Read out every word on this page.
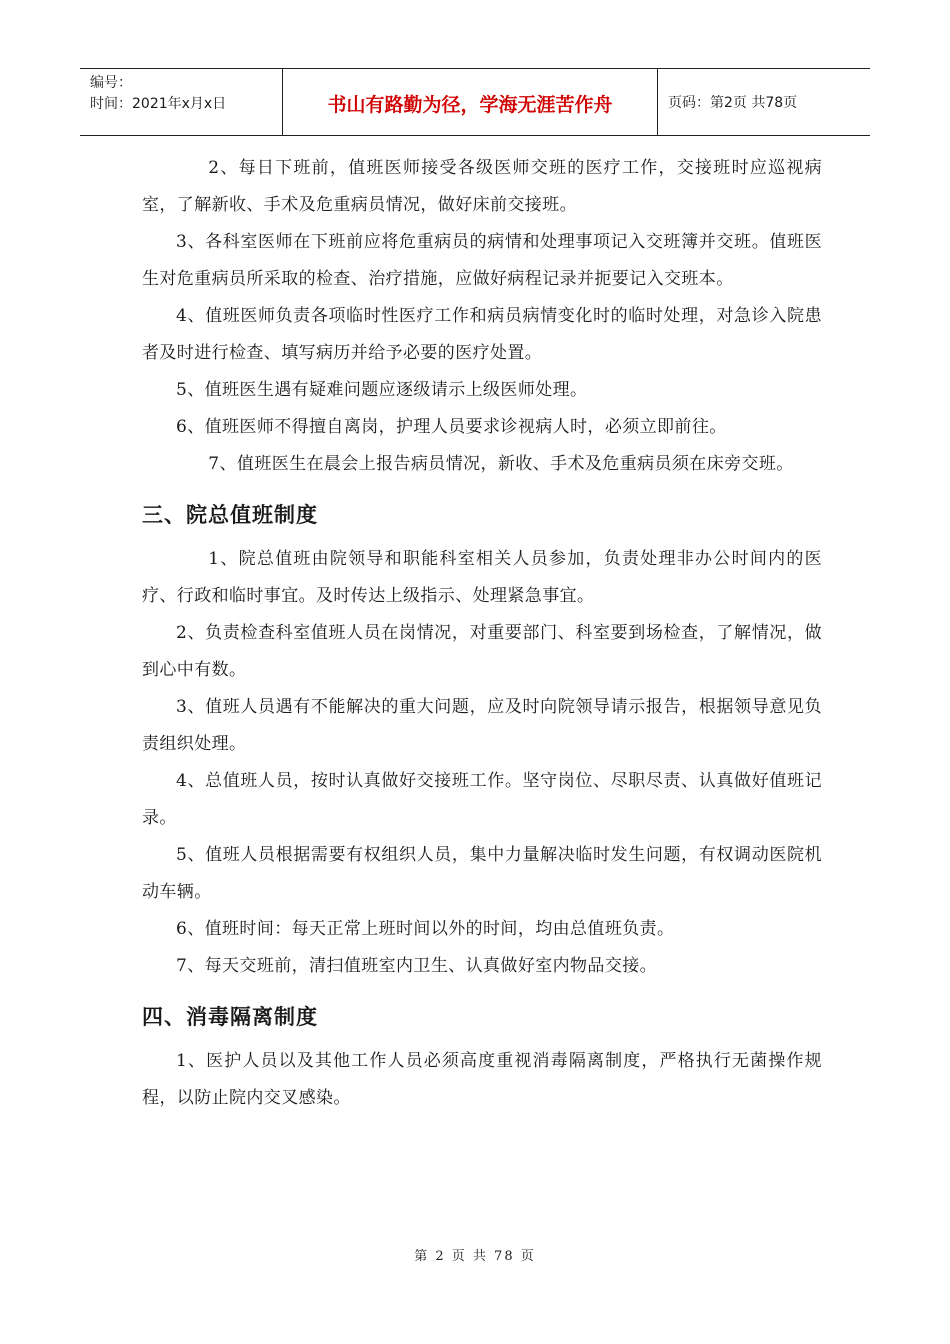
编号：
时间：2021年x月x日	书山有路勤为径，学海无涯苦作舟	页码：第2页 共78页

2、每日下班前，值班医师接受各级医师交班的医疗工作，交接班时应巡视病室，了解新收、手术及危重病员情况，做好床前交接班。

3、各科室医师在下班前应将危重病员的病情和处理事项记入交班簿并交班。值班医生对危重病员所采取的检查、治疗措施，应做好病程记录并扼要记入交班本。

4、值班医师负责各项临时性医疗工作和病员病情变化时的临时处理，对急诊入院患者及时进行检查、填写病历并给予必要的医疗处置。

5、值班医生遇有疑难问题应逐级请示上级医师处理。

6、值班医师不得擅自离岗，护理人员要求诊视病人时，必须立即前往。

7、值班医生在晨会上报告病员情况，新收、手术及危重病员须在床旁交班。

三、院总值班制度

1、院总值班由院领导和职能科室相关人员参加，负责处理非办公时间内的医疗、行政和临时事宜。及时传达上级指示、处理紧急事宜。

2、负责检查科室值班人员在岗情况，对重要部门、科室要到场检查，了解情况，做到心中有数。

3、值班人员遇有不能解决的重大问题，应及时向院领导请示报告，根据领导意见负责组织处理。

4、总值班人员，按时认真做好交接班工作。坚守岗位、尽职尽责、认真做好值班记录。

5、值班人员根据需要有权组织人员，集中力量解决临时发生问题，有权调动医院机动车辆。

6、值班时间：每天正常上班时间以外的时间，均由总值班负责。

7、每天交班前，清扫值班室内卫生、认真做好室内物品交接。

四、消毒隔离制度

1、医护人员以及其他工作人员必须高度重视消毒隔离制度，严格执行无菌操作规程，以防止院内交叉感染。

第 2 页 共 78 页
